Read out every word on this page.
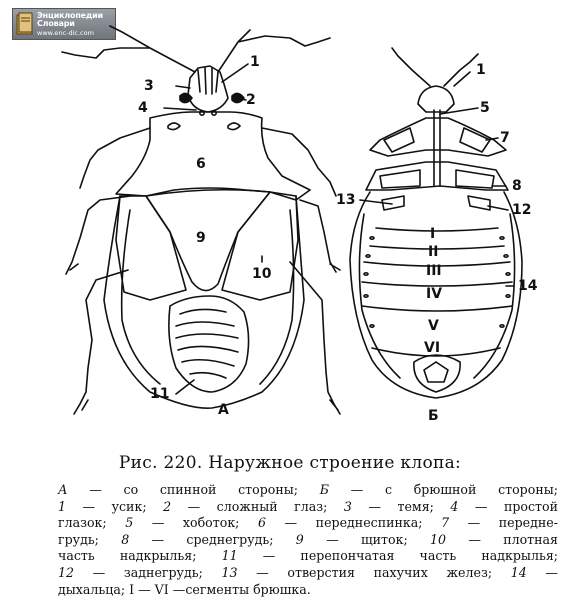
Энциклопедии
Словари
www.enc-dic.com
1
2
3
4
6
9
10
11
А
1
5
7
8
12
13
14
I
II
III
IV
V
VI
Б
Рис. 220. Наружное строение клопа:
А — со спинной стороны; Б — с брюшной стороны;
1 — усик; 2 — сложный глаз; 3 — темя; 4 — простой
глазок; 5 — хоботок; 6 — переднеспинка; 7 — передне-
грудь; 8 — среднегрудь; 9 — щиток; 10 — плотная
часть надкрылья; 11 — перепончатая часть надкрылья;
12 — заднегрудь; 13 — отверстия пахучих желез; 14 —
дыхальца; I — VI —сегменты брюшка.
